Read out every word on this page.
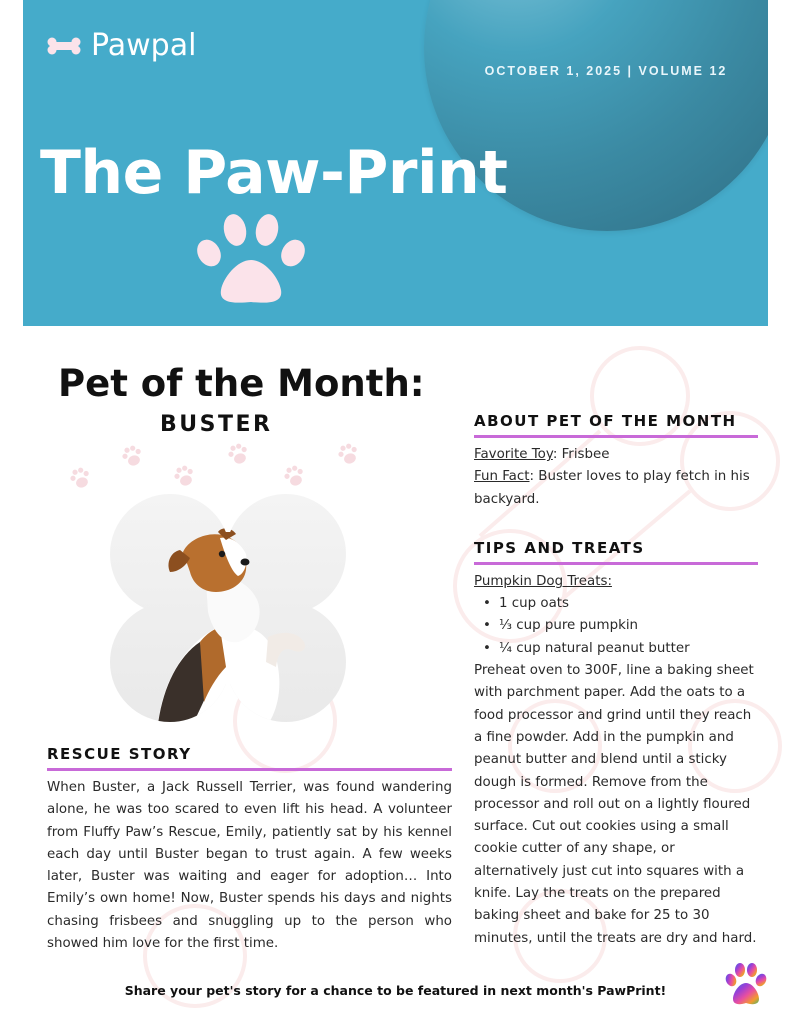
OCTOBER 1, 2025 | VOLUME 12
Pawpal
The Paw-Print
Pet of the Month:
BUSTER
RESCUE STORY

When Buster, a Jack Russell Terrier, was found wandering alone, he was too scared to even lift his head. A volunteer from Fluffy Paw’s Rescue, Emily, patiently sat by his kennel each day until Buster began to trust again. A few weeks later, Buster was waiting and eager for adoption… Into Emily’s own home! Now, Buster spends his days and nights chasing frisbees and snuggling up to the person who showed him love for the first time.

ABOUT PET OF THE MONTH
Favorite Toy: Frisbee
Fun Fact: Buster loves to play fetch in his backyard.
TIPS AND TREATS
Pumpkin Dog Treats:
• 1 cup oats
• ⅓ cup pure pumpkin
• ¼ cup natural peanut butter

Preheat oven to 300F, line a baking sheet with parchment paper. Add the oats to a food processor and grind until they reach a fine powder. Add in the pumpkin and peanut butter and blend until a sticky dough is formed. Remove from the processor and roll out on a lightly floured surface. Cut out cookies using a small cookie cutter of any shape, or alternatively just cut into squares with a knife. Lay the treats on the prepared baking sheet and bake for 25 to 30 minutes, until the treats are dry and hard.

Share your pet's story for a chance to be featured in next month's PawPrint!
